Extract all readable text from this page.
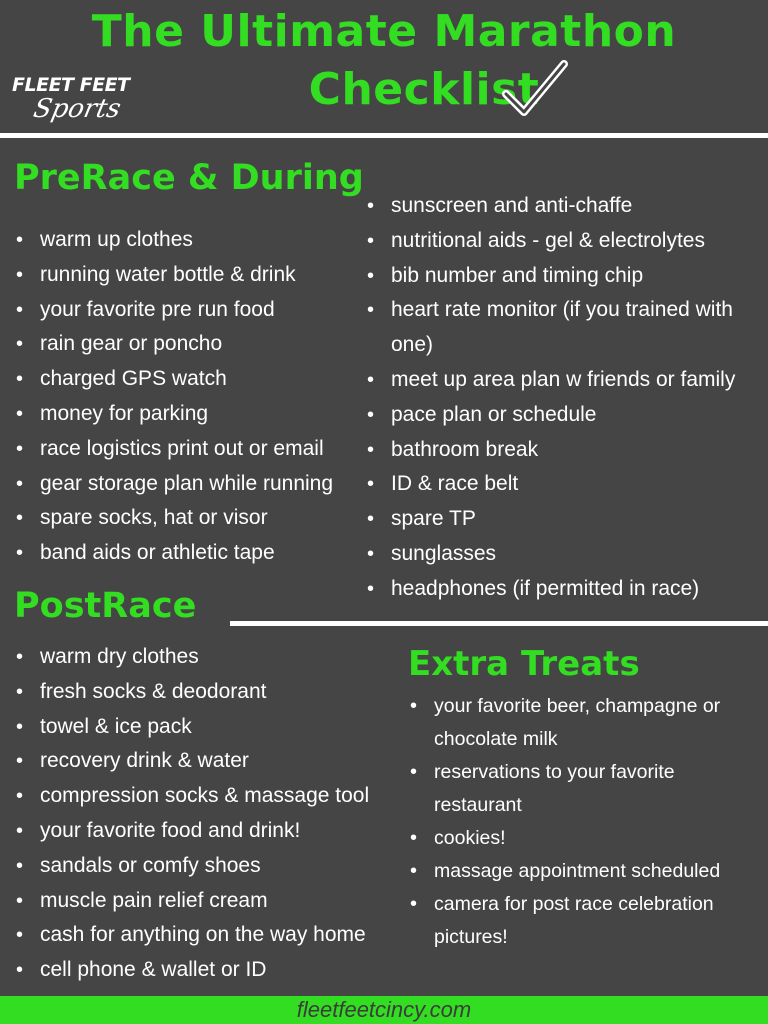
FLEET FEET
Sports
The Ultimate Marathon
Checklist
PreRace & During
• warm up clothes
• running water bottle & drink
• your favorite pre run food
• rain gear or poncho
• charged GPS watch
• money for parking
• race logistics print out or email
• gear storage plan while running
• spare socks, hat or visor
• band aids or athletic tape
• sunscreen and anti-chaffe
• nutritional aids - gel & electrolytes
• bib number and timing chip
• heart rate monitor (if you trained with one)
• meet up area plan w friends or family
• pace plan or schedule
• bathroom break
• ID & race belt
• spare TP
• sunglasses
• headphones (if permitted in race)
PostRace
• warm dry clothes
• fresh socks & deodorant
• towel & ice pack
• recovery drink & water
• compression socks & massage tool
• your favorite food and drink!
• sandals or comfy shoes
• muscle pain relief cream
• cash for anything on the way home
• cell phone & wallet or ID
Extra Treats
• your favorite beer, champagne or chocolate milk
• reservations to your favorite restaurant
• cookies!
• massage appointment scheduled
• camera for post race celebration pictures!
fleetfeetcincy.com
